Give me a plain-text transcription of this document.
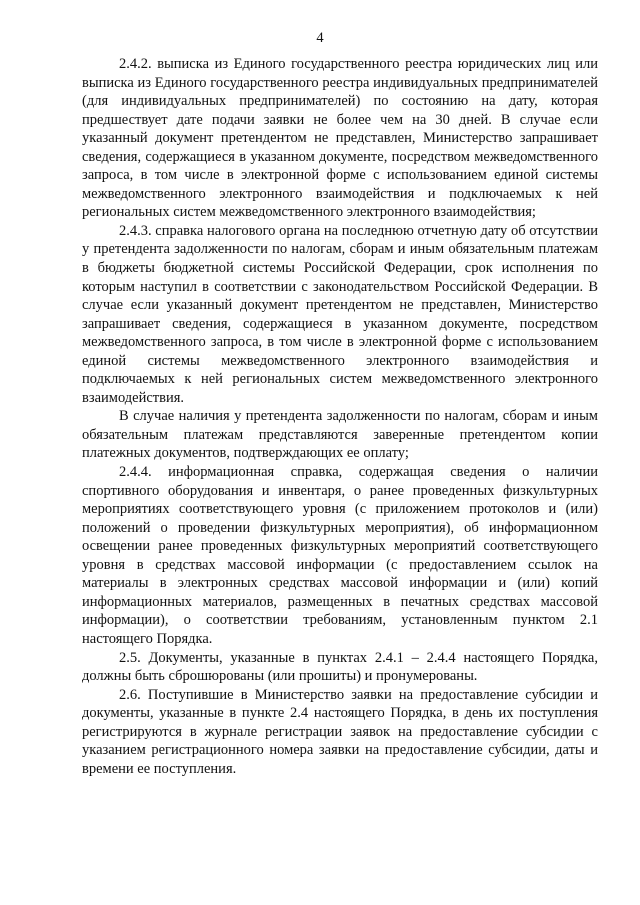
4

2.4.2. выписка из Единого государственного реестра юридических лиц или выписка из Единого государственного реестра индивидуальных предпринимателей (для индивидуальных предпринимателей) по состоянию на дату, которая предшествует дате подачи заявки не более чем на 30 дней. В случае если указанный документ претендентом не представлен, Министерство запрашивает сведения, содержащиеся в указанном документе, посредством межведомственного запроса, в том числе в электронной форме с использованием единой системы межведомственного электронного взаимодействия и подключаемых к ней региональных систем межведомственного электронного взаимодействия;

2.4.3. справка налогового органа на последнюю отчетную дату об отсутствии у претендента задолженности по налогам, сборам и иным обязательным платежам в бюджеты бюджетной системы Российской Федерации, срок исполнения по которым наступил в соответствии с законодательством Российской Федерации. В случае если указанный документ претендентом не представлен, Министерство запрашивает сведения, содержащиеся в указанном документе, посредством межведомственного запроса, в том числе в электронной форме с использованием единой системы межведомственного электронного взаимодействия и подключаемых к ней региональных систем межведомственного электронного взаимодействия.

В случае наличия у претендента задолженности по налогам, сборам и иным обязательным платежам представляются заверенные претендентом копии платежных документов, подтверждающих ее оплату;

2.4.4. информационная справка, содержащая сведения о наличии спортивного оборудования и инвентаря, о ранее проведенных физкультурных мероприятиях соответствующего уровня (с приложением протоколов и (или) положений о проведении физкультурных мероприятия), об информационном освещении ранее проведенных физкультурных мероприятий соответствующего уровня в средствах массовой информации (с предоставлением ссылок на материалы в электронных средствах массовой информации и (или) копий информационных материалов, размещенных в печатных средствах массовой информации), о соответствии требованиям, установленным пунктом 2.1 настоящего Порядка.

2.5. Документы, указанные в пунктах 2.4.1 – 2.4.4 настоящего Порядка, должны быть сброшюрованы (или прошиты) и пронумерованы.

2.6. Поступившие в Министерство заявки на предоставление субсидии и документы, указанные в пункте 2.4 настоящего Порядка, в день их поступления регистрируются в журнале регистрации заявок на предоставление субсидии с указанием регистрационного номера заявки на предоставление субсидии, даты и времени ее поступления.
